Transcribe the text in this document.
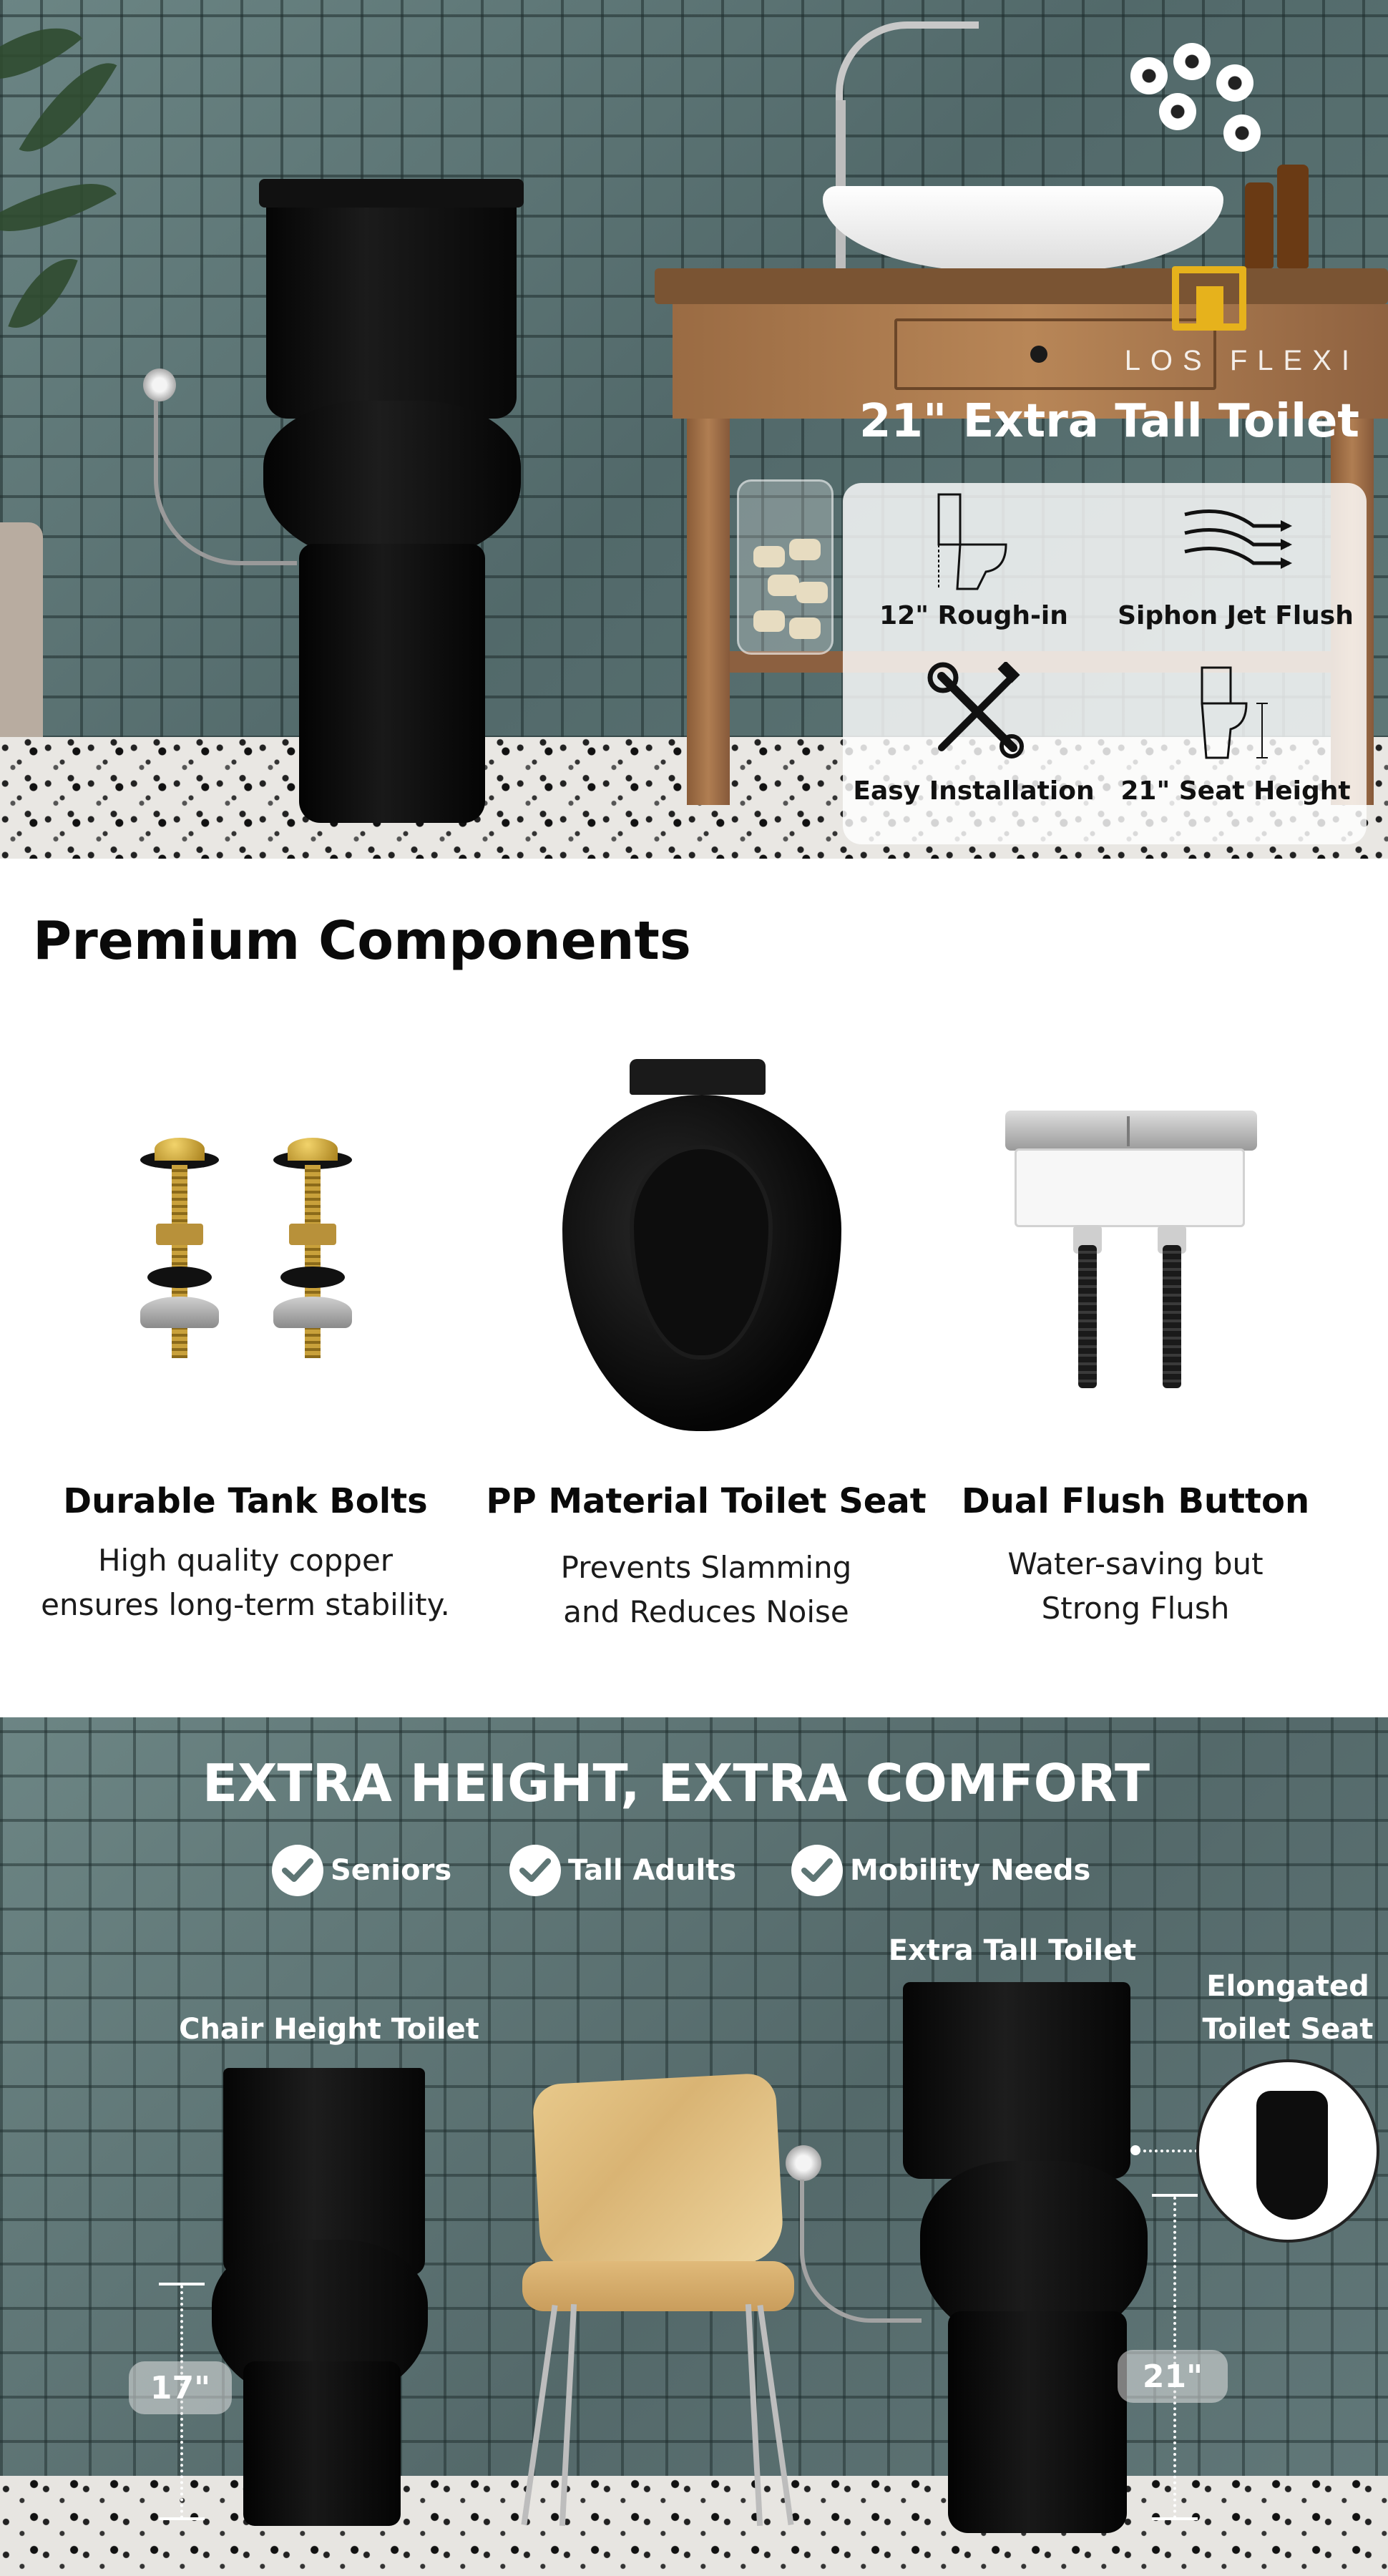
LOS FLEXI
21" Extra Tall Toilet
12" Rough-in	Siphon Jet Flush
Easy Installation	21" Seat Height
Premium Components
Durable Tank Bolts
High quality copper
ensures long-term stability.
PP Material Toilet Seat
Prevents Slamming
and Reduces Noise
Dual Flush Button
Water-saving but
Strong Flush
EXTRA HEIGHT, EXTRA COMFORT
Seniors	Tall Adults	Mobility Needs
Chair Height Toilet
Extra Tall Toilet
Elongated
Toilet Seat
17"	21"
